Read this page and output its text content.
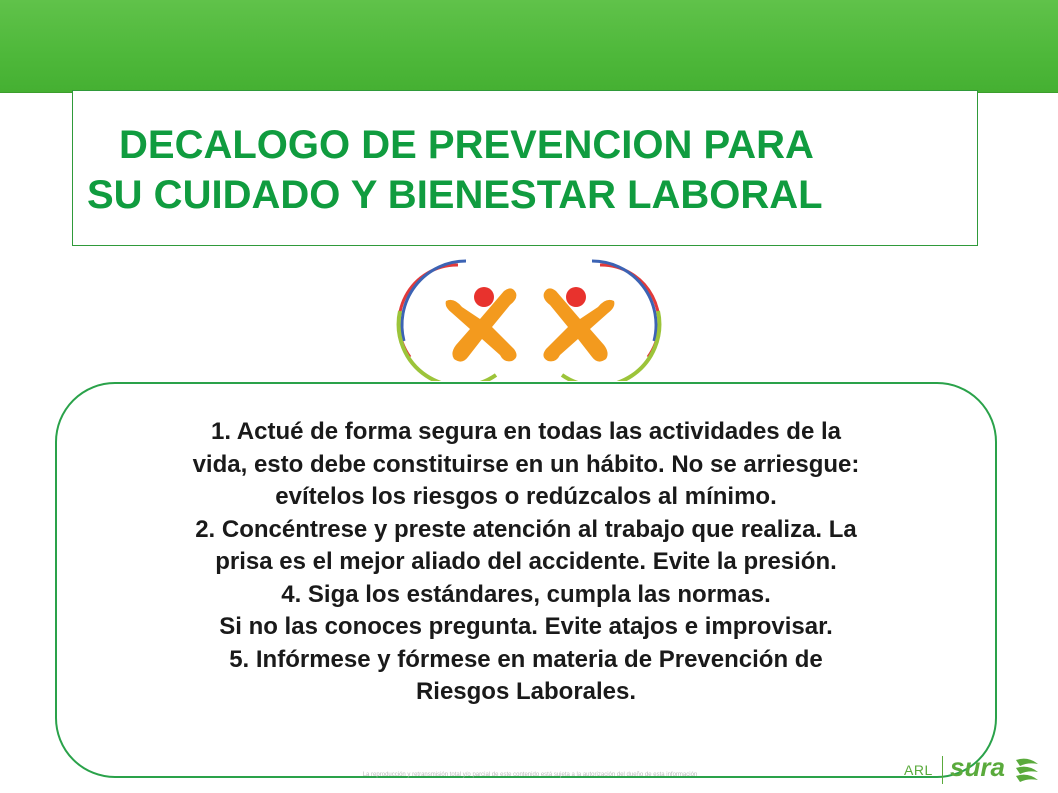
DECALOGO DE PREVENCION PARA
SU CUIDADO Y BIENESTAR LABORAL
1. Actué de forma segura en todas las actividades de la
vida, esto debe constituirse en un hábito. No se arriesgue:
evítelos los riesgos o redúzcalos al mínimo.
2. Concéntrese y preste atención al trabajo que realiza. La
prisa es el mejor aliado del accidente. Evite la presión.
4. Siga los estándares, cumpla las normas.
Si no las conoces pregunta. Evite atajos e improvisar.
5. Infórmese y fórmese en materia de Prevención de
Riesgos Laborales.
La reproducción y retransmisión total y/o parcial de este contenido está sujeta a la autorización del dueño de esta información	ARL sura
